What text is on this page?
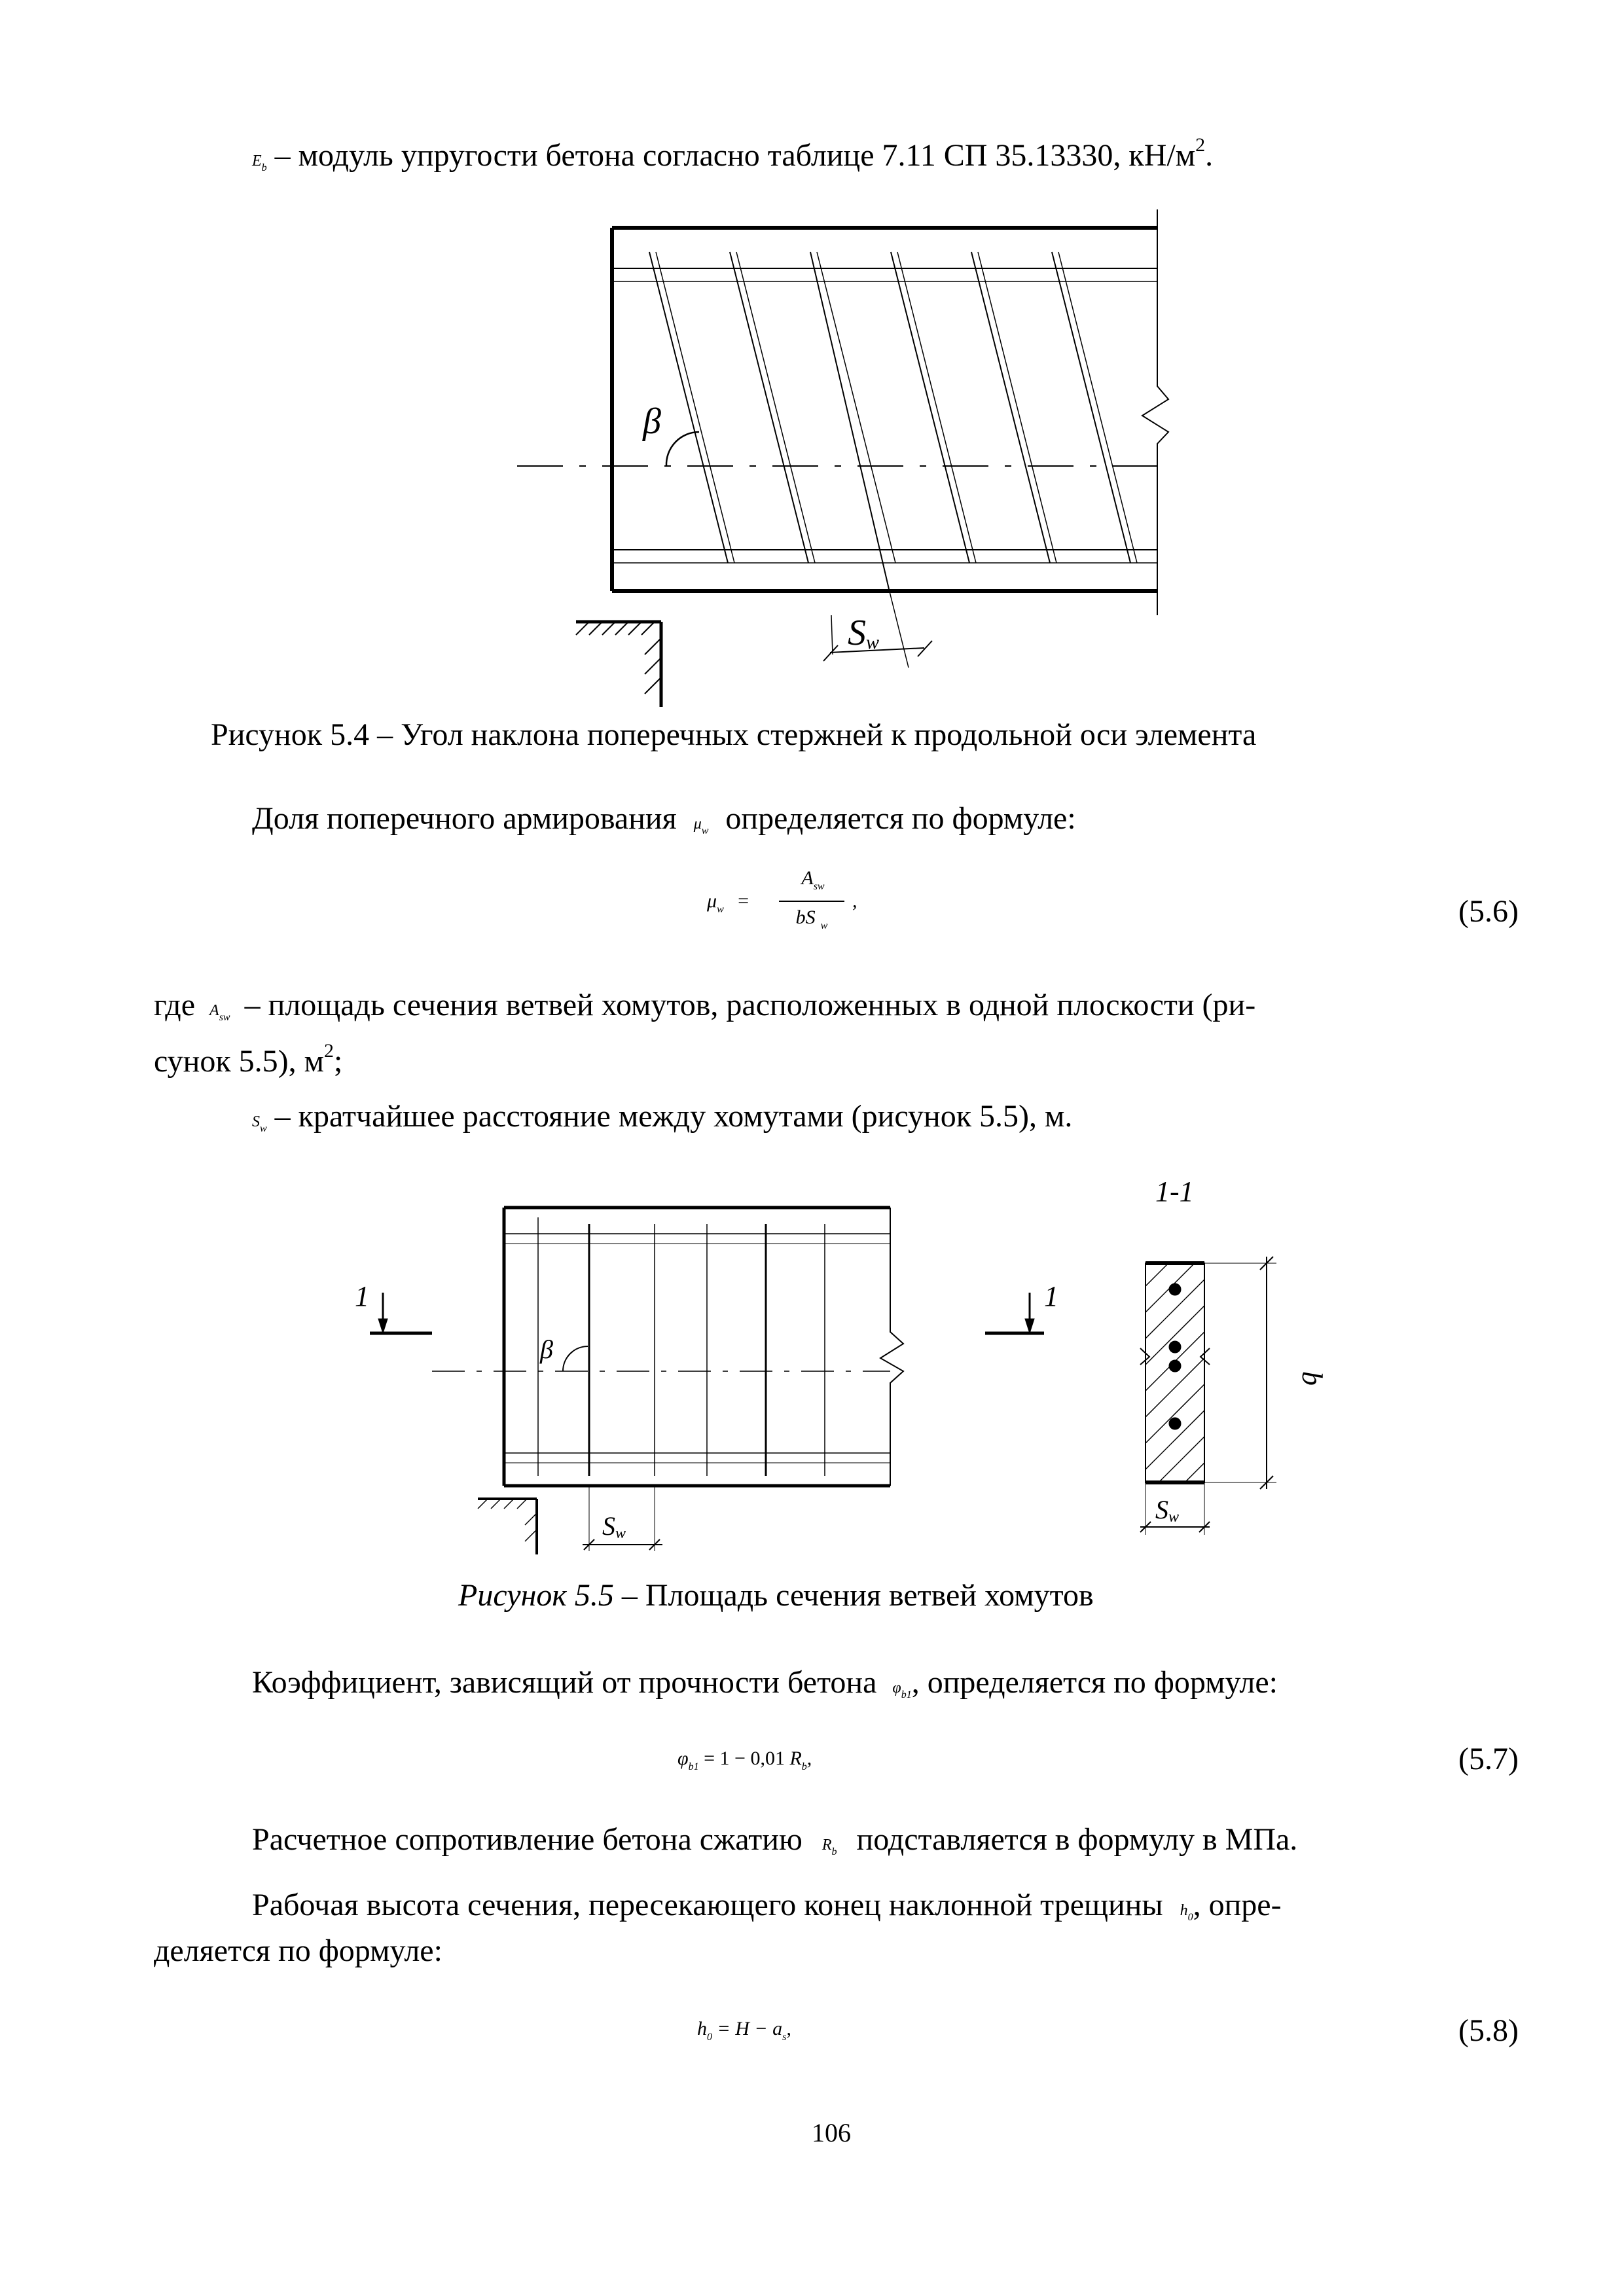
$E_b$ – модуль упругости бетона согласно таблице 7.11 СП 35.13330, $кН/м^2$.
β
Sw
Рисунок 5.4 – Угол наклона поперечных стержней к продольной оси элемента
Доля поперечного армирования $\mu_w$ определяется по формуле:
$\mu_w$ =
$A_{sw}$
bS $_w$
,	(5.6)
где $A_{sw}$ – площадь сечения ветвей хомутов, расположенных в одной плоскости (ри-
сунок 5.5), $м^2$;
$S_w$ – кратчайшее расстояние между хомутами (рисунок 5.5), м.
1-1
1	1
β
Sw
Sw
b
Рисунок 5.5 – Площадь сечения ветвей хомутов
Коэффициент, зависящий от прочности бетона $\varphi_{b1}$, определяется по формуле:
$\varphi_{b1} = 1 - 0,01$ $R_b$,	(5.7)
Расчетное сопротивление бетона сжатию $R_b$ подставляется в формулу в МПа.
Рабочая высота сечения, пересекающего конец наклонной трещины $h_0$, опре-
деляется по формуле:
$h_0 = H - a_s$,	(5.8)
106
